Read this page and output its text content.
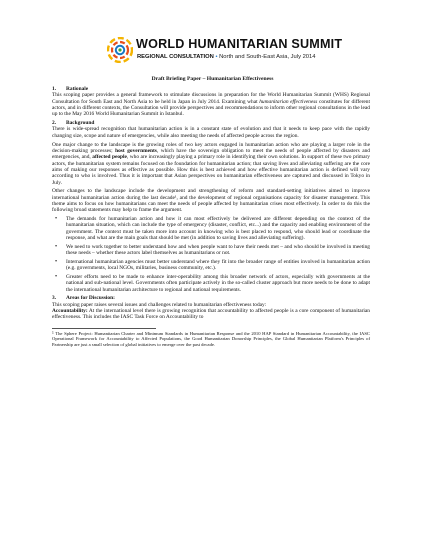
WORLD HUMANITARIAN SUMMIT
REGIONAL CONSULTATION • North and South-East Asia, July 2014
Draft Briefing Paper – Humanitarian Effectiveness
1. Rationale

This scoping paper provides a general framework to stimulate discussions in preparation for the World Humanitarian Summit (WHS) Regional Consultation for South East and North Asia to be held in Japan in July 2014. Examining what humanitarian effectiveness constitutes for different actors, and in different contexts, the Consultation will provide perspectives and recommendations to inform other regional consultations in the lead up to the May 2016 World Humanitarian Summit in Istanbul.

2. Background

There is wide-spread recognition that humanitarian action is in a constant state of evolution and that it needs to keep pace with the rapidly changing size, scope and nature of emergencies, while also meeting the needs of affected people across the region.

One major change to the landscape is the growing roles of two key actors engaged in humanitarian action who are playing a larger role in the decision-making processes; host governments, which have the sovereign obligation to meet the needs of people affected by disasters and emergencies, and, affected people, who are increasingly playing a primary role in identifying their own solutions. In support of these two primary actors, the humanitarian system remains focused on the foundation for humanitarian action; that saving lives and alleviating suffering are the core aims of making our responses as effective as possible. How this is best achieved and how effective humanitarian action is defined will vary according to who is involved. Thus it is important that Asian perspectives on humanitarian effectiveness are captured and discussed in Tokyo in July.

Other changes to the landscape include the development and strengthening of reform and standard-setting initiatives aimed to improve international humanitarian action during the last decade¹, and the development of regional organisations capacity for disaster management. This theme aims to focus on how humanitarians can meet the needs of people affected by humanitarian crises most effectively. In order to do this the following broad statements may help to frame the argument.

• The demands for humanitarian action and how it can most effectively be delivered are different depending on the context of the humanitarian situation, which can include the type of emergency (disaster, conflict, etc...) and the capacity and enabling environment of the government. The context must be taken more into account in knowing who is best placed to respond, who should lead or coordinate the response, and what are the main goals that should be met (in addition to saving lives and alleviating suffering).
• We need to work together to better understand how and when people want to have their needs met – and who should be involved in meeting these needs – whether these actors label themselves as humanitarians or not.
• International humanitarian agencies must better understand where they fit into the broader range of entities involved in humanitarian action (e.g. governments, local NGOs, militaries, business community, etc.).
• Greater efforts need to be made to enhance inter-operability among this broader network of actors, especially with governments at the national and sub-national level. Governments often participate actively in the so-called cluster approach but more needs to be done to adapt the international humanitarian architecture to regional and national requirements.
3. Areas for Discussion:

This scoping paper raises several issues and challenges related to humanitarian effectiveness today:

Accountability: At the international level there is growing recognition that accountability to affected people is a core component of humanitarian effectiveness. This includes the IASC Task Force on Accountability to

$^1$ The Sphere Project: Humanitarian Charter and Minimum Standards in Humanitarian Response and the 2010 HAP Standard in Humanitarian Accountability, the IASC Operational Framework for Accountability to Affected Populations, the Good Humanitarian Donorship Principles, the Global Humanitarian Platform's Principles of Partnership are just a small selection of global initiatives to emerge over the past decade.
